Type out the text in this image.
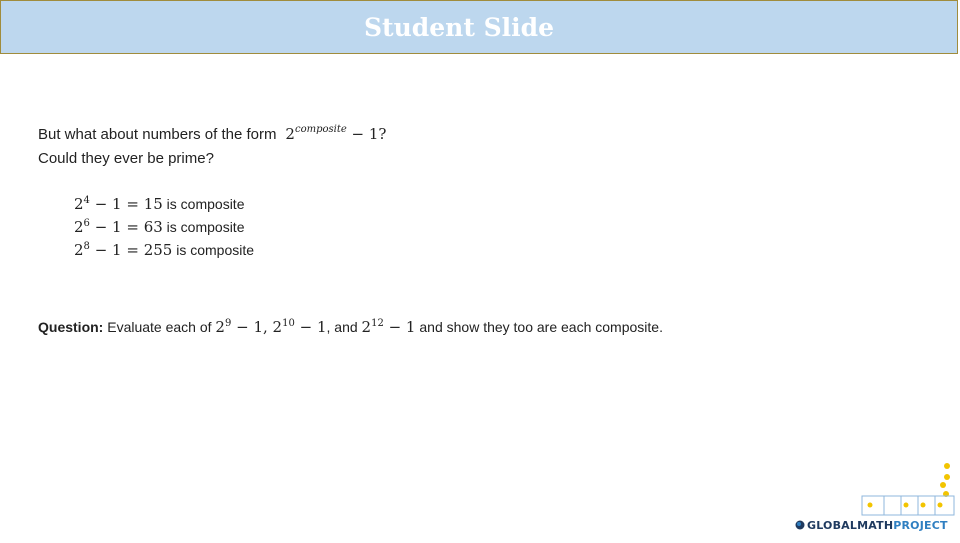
Student Slide
But what about numbers of the form $2^{composite} - 1$?
Could they ever be prime?
$2^4 - 1 = 15$ is composite
$2^6 - 1 = 63$ is composite
$2^8 - 1 = 255$ is composite
Question: Evaluate each of $2^9 - 1$, $2^{10} - 1$, and $2^{12} - 1$ and show they too are each composite.
GLOBALMATHPROJECT
